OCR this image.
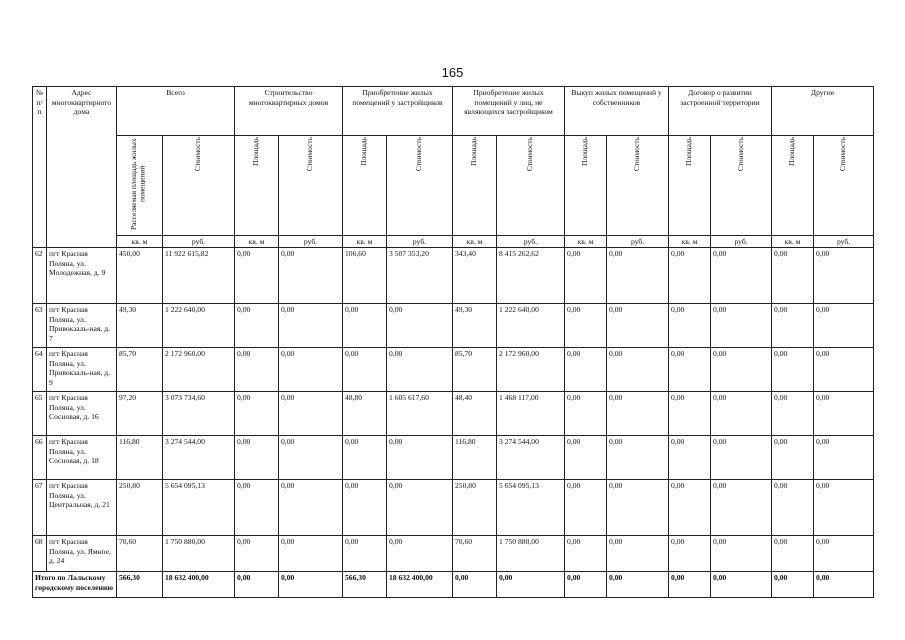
165
№ п/п	Адрес многоквартирного дома	Всего		Строительство многоквартирных домов		Приобретение жилых помещений у застройщиков		Приобретение жилых помещений у лиц, не являющихся застройщиком		Выкуп жилых помещений у собственников		Договор о развитии застроенной территории		Другие	
		Расселяемая площадь жилых помещений	Стоимость	Площадь	Стоимость	Площадь	Стоимость	Площадь	Стоимость	Площадь	Стоимость	Площадь	Стоимость	Площадь	Стоимость
		кв. м	руб.	кв. м	руб.	кв. м	руб.	кв. м	руб.	кв. м	руб.	кв. м	руб.	кв. м	руб.
62	пгт Красная Поляна, ул. Молодежная, д. 9	450,00	11 922 615,82	0,00	0,00	106,60	3 507 353,20	343,40	8 415 262,62	0,00	0,00	0,00	0,00	0,00	0,00
63	пгт Красная Поляна, ул. Привокзаль-ная, д. 7	49,30	1 222 640,00	0,00	0,00	0,00	0,00	49,30	1 222 640,00	0,00	0,00	0,00	0,00	0,00	0,00
64	пгт Красная Поляна, ул. Привокзаль-ная, д. 9	85,70	2 172 960,00	0,00	0,00	0,00	0,00	85,70	2 172 960,00	0,00	0,00	0,00	0,00	0,00	0,00
65	пгт Красная Поляна, ул. Сосновая, д. 16	97,20	3 073 734,60	0,00	0,00	48,80	1 605 617,60	48,40	1 468 117,00	0,00	0,00	0,00	0,00	0,00	0,00
66	пгт Красная Поляна, ул. Сосновая, д. 18	116,80	3 274 544,00	0,00	0,00	0,00	0,00	116,80	3 274 544,00	0,00	0,00	0,00	0,00	0,00	0,00
67	пгт Красная Поляна, ул. Центральная, д. 21	250,80	5 654 095,13	0,00	0,00	0,00	0,00	250,80	5 654 095,13	0,00	0,00	0,00	0,00	0,00	0,00
68	пгт Красная Поляна, ул. Ямное, д. 24	70,60	1 750 880,00	0,00	0,00	0,00	0,00	70,60	1 750 880,00	0,00	0,00	0,00	0,00	0,00	0,00
Итого по Лальскому городскому поселению		566,30	18 632 400,00	0,00	0,00	566,30	18 632 400,00	0,00	0,00	0,00	0,00	0,00	0,00	0,00	0,00
